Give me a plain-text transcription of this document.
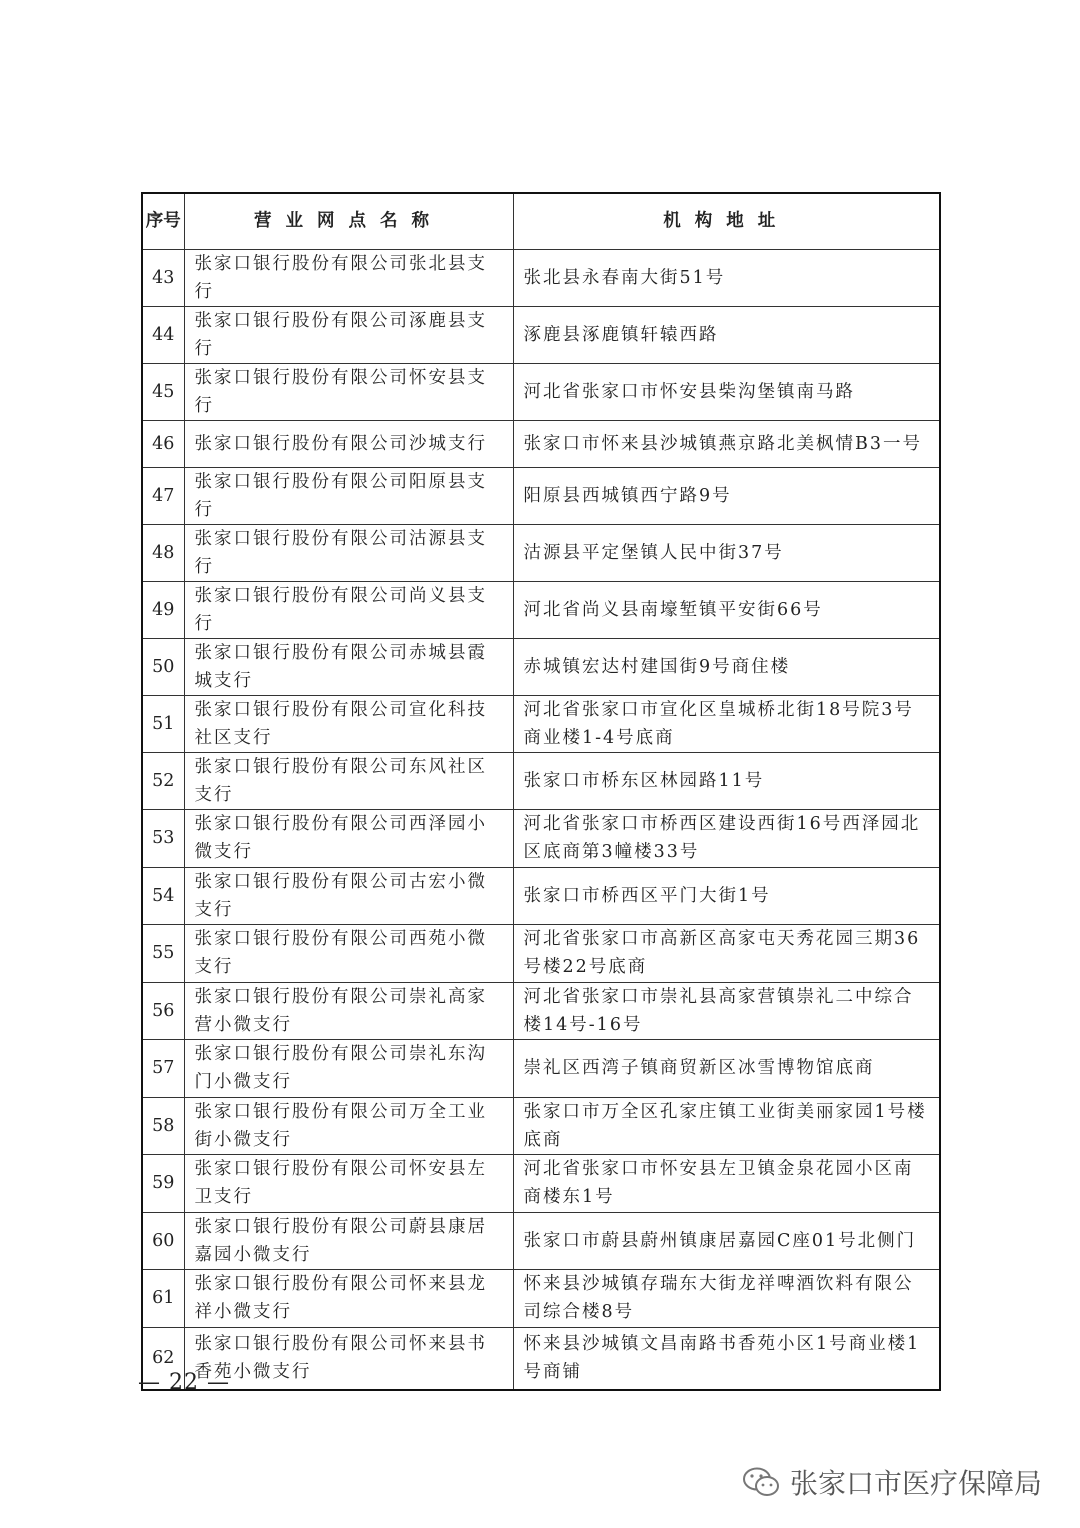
序号	营业网点名称	机构地址
43	张家口银行股份有限公司张北县支行	张北县永春南大街51号
44	张家口银行股份有限公司涿鹿县支行	涿鹿县涿鹿镇轩辕西路
45	张家口银行股份有限公司怀安县支行	河北省张家口市怀安县柴沟堡镇南马路
46	张家口银行股份有限公司沙城支行	张家口市怀来县沙城镇燕京路北美枫情B3一号
47	张家口银行股份有限公司阳原县支行	阳原县西城镇西宁路9号
48	张家口银行股份有限公司沽源县支行	沽源县平定堡镇人民中街37号
49	张家口银行股份有限公司尚义县支行	河北省尚义县南壕堑镇平安街66号
50	张家口银行股份有限公司赤城县霞城支行	赤城镇宏达村建国街9号商住楼
51	张家口银行股份有限公司宣化科技社区支行	河北省张家口市宣化区皇城桥北街18号院3号商业楼1-4号底商
52	张家口银行股份有限公司东风社区支行	张家口市桥东区林园路11号
53	张家口银行股份有限公司西泽园小微支行	河北省张家口市桥西区建设西街16号西泽园北区底商第3幢楼33号
54	张家口银行股份有限公司古宏小微支行	张家口市桥西区平门大街1号
55	张家口银行股份有限公司西苑小微支行	河北省张家口市高新区高家屯天秀花园三期36号楼22号底商
56	张家口银行股份有限公司崇礼高家营小微支行	河北省张家口市崇礼县高家营镇崇礼二中综合楼14号-16号
57	张家口银行股份有限公司崇礼东沟门小微支行	崇礼区西湾子镇商贸新区冰雪博物馆底商
58	张家口银行股份有限公司万全工业街小微支行	张家口市万全区孔家庄镇工业街美丽家园1号楼底商
59	张家口银行股份有限公司怀安县左卫支行	河北省张家口市怀安县左卫镇金泉花园小区南商楼东1号
60	张家口银行股份有限公司蔚县康居嘉园小微支行	张家口市蔚县蔚州镇康居嘉园C座01号北侧门
61	张家口银行股份有限公司怀来县龙祥小微支行	怀来县沙城镇存瑞东大街龙祥啤酒饮料有限公司综合楼8号
62	张家口银行股份有限公司怀来县书香苑小微支行	怀来县沙城镇文昌南路书香苑小区1号商业楼1号商铺
— 22 —
张家口市医疗保障局
